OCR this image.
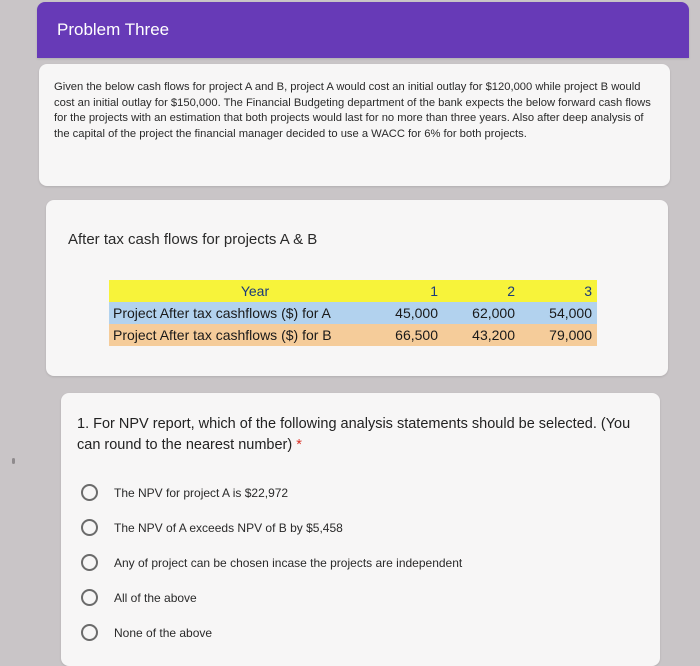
Problem Three
Given the below cash flows for project A and B, project A would cost an initial outlay for $120,000 while project B would cost an initial outlay for $150,000. The Financial Budgeting department of the bank expects the below forward cash flows for the projects with an estimation that both projects would last for no more than three years. Also after deep analysis of the capital of the project the financial manager decided to use a WACC for 6% for both projects.
After tax cash flows for projects A & B
Year	1	2	3
Project After tax cashflows ($) for A	45,000	62,000	54,000
Project After tax cashflows ($) for B	66,500	43,200	79,000
1. For NPV report, which of the following analysis statements should be selected. (You can round to the nearest number) *
The NPV for project A is $22,972
The NPV of A exceeds NPV of B by $5,458
Any of project can be chosen incase the projects are independent
All of the above
None of the above
